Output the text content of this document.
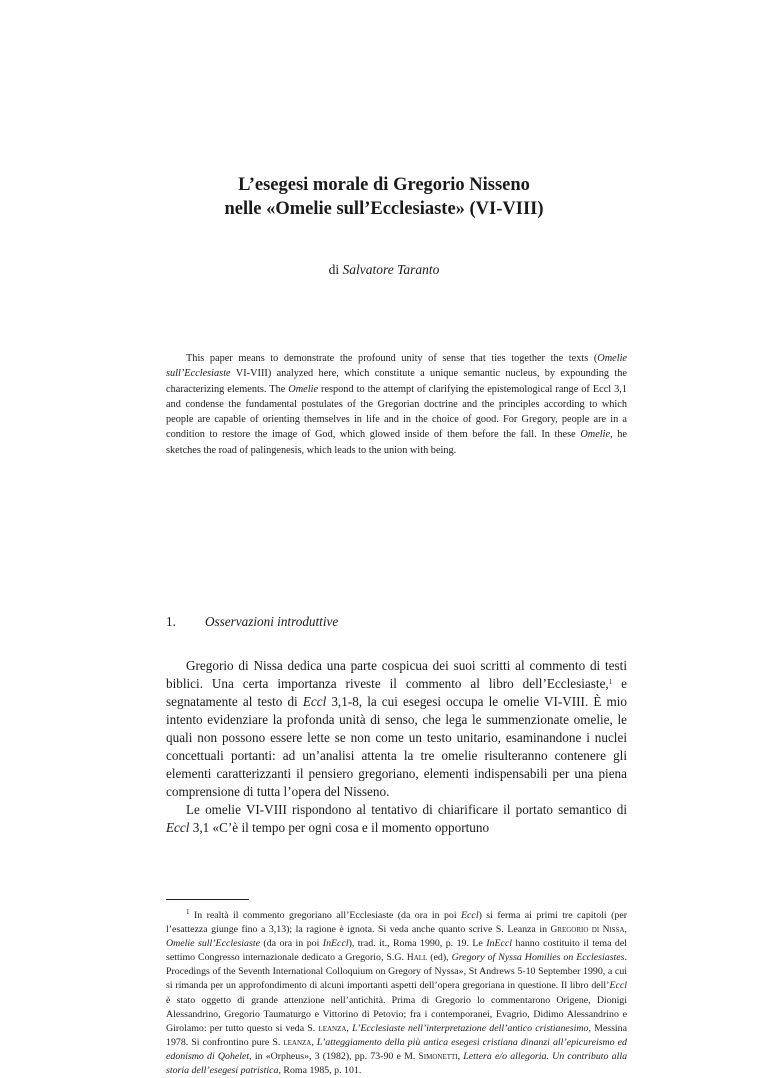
L’esegesi morale di Gregorio Nisseno
nelle «Omelie sull’Ecclesiaste» (VI-VIII)
di Salvatore Taranto

This paper means to demonstrate the profound unity of sense that ties together the texts (Omelie sull’Ecclesiaste VI-VIII) analyzed here, which constitute a unique semantic nucleus, by expounding the characterizing elements. The Omelie respond to the attempt of clarifying the epistemological range of Eccl 3,1 and condense the fundamental postulates of the Gregorian doctrine and the principles according to which people are capable of orienting themselves in life and in the choice of good. For Gregory, people are in a condition to restore the image of God, which glowed inside of them before the fall. In these Omelie, he sketches the road of palingenesis, which leads to the union with being.

1. Osservazioni introduttive

Gregorio di Nissa dedica una parte cospicua dei suoi scritti al commento di testi biblici. Una certa importanza riveste il commento al libro dell’Ecclesiaste,$^1$ e segnatamente al testo di Eccl 3,1-8, la cui esegesi occupa le omelie VI-VIII. È mio intento evidenziare la profonda unità di senso, che lega le summenzionate omelie, le quali non possono essere lette se non come un testo unitario, esaminandone i nuclei concettuali portanti: ad un’analisi attenta la tre omelie risulteranno contenere gli elementi caratterizzanti il pensiero gregoriano, elementi indispensabili per una piena comprensione di tutta l’opera del Nisseno.

Le omelie VI-VIII rispondono al tentativo di chiarificare il portato semantico di Eccl 3,1 «C’è il tempo per ogni cosa e il momento opportuno

$^1$ In realtà il commento gregoriano all’Ecclesiaste (da ora in poi Eccl) si ferma ai primi tre capitoli (per l’esattezza giunge fino a 3,13); la ragione è ignota. Si veda anche quanto scrive S. Leanza in Gregorio di Nissa, Omelie sull’Ecclesiaste (da ora in poi InEccl), trad. it., Roma 1990, p. 19. Le InEccl hanno costituito il tema del settimo Congresso internazionale dedicato a Gregorio, S.G. Hall (ed), Gregory of Nyssa Homilies on Ecclesiastes. Procedings of the Seventh International Colloquium on Gregory of Nyssa», St Andrews 5-10 September 1990, a cui si rimanda per un approfondimento di alcuni importanti aspetti dell’opera gregoriana in questione. Il libro dell’Eccl è stato oggetto di grande attenzione nell’antichità. Prima di Gregorio lo commentarono Origene, Dionigi Alessandrino, Gregorio Taumaturgo e Vittorino di Petovio; fra i contemporanei, Evagrio, Didimo Alessandrino e Girolamo: per tutto questo si veda S. leanza, L’Ecclesiaste nell’interpretazione dell’antico cristianesimo, Messina 1978. Si confrontino pure S. leanza, L’atteggiamento della più antica esegesi cristiana dinanzi all’epicureismo ed edonismo di Qohelet, in «Orpheus», 3 (1982), pp. 73-90 e M. Simonetti, Lettera e/o allegoria. Un contributo alla storia dell’esegesi patristica, Roma 1985, p. 101.
